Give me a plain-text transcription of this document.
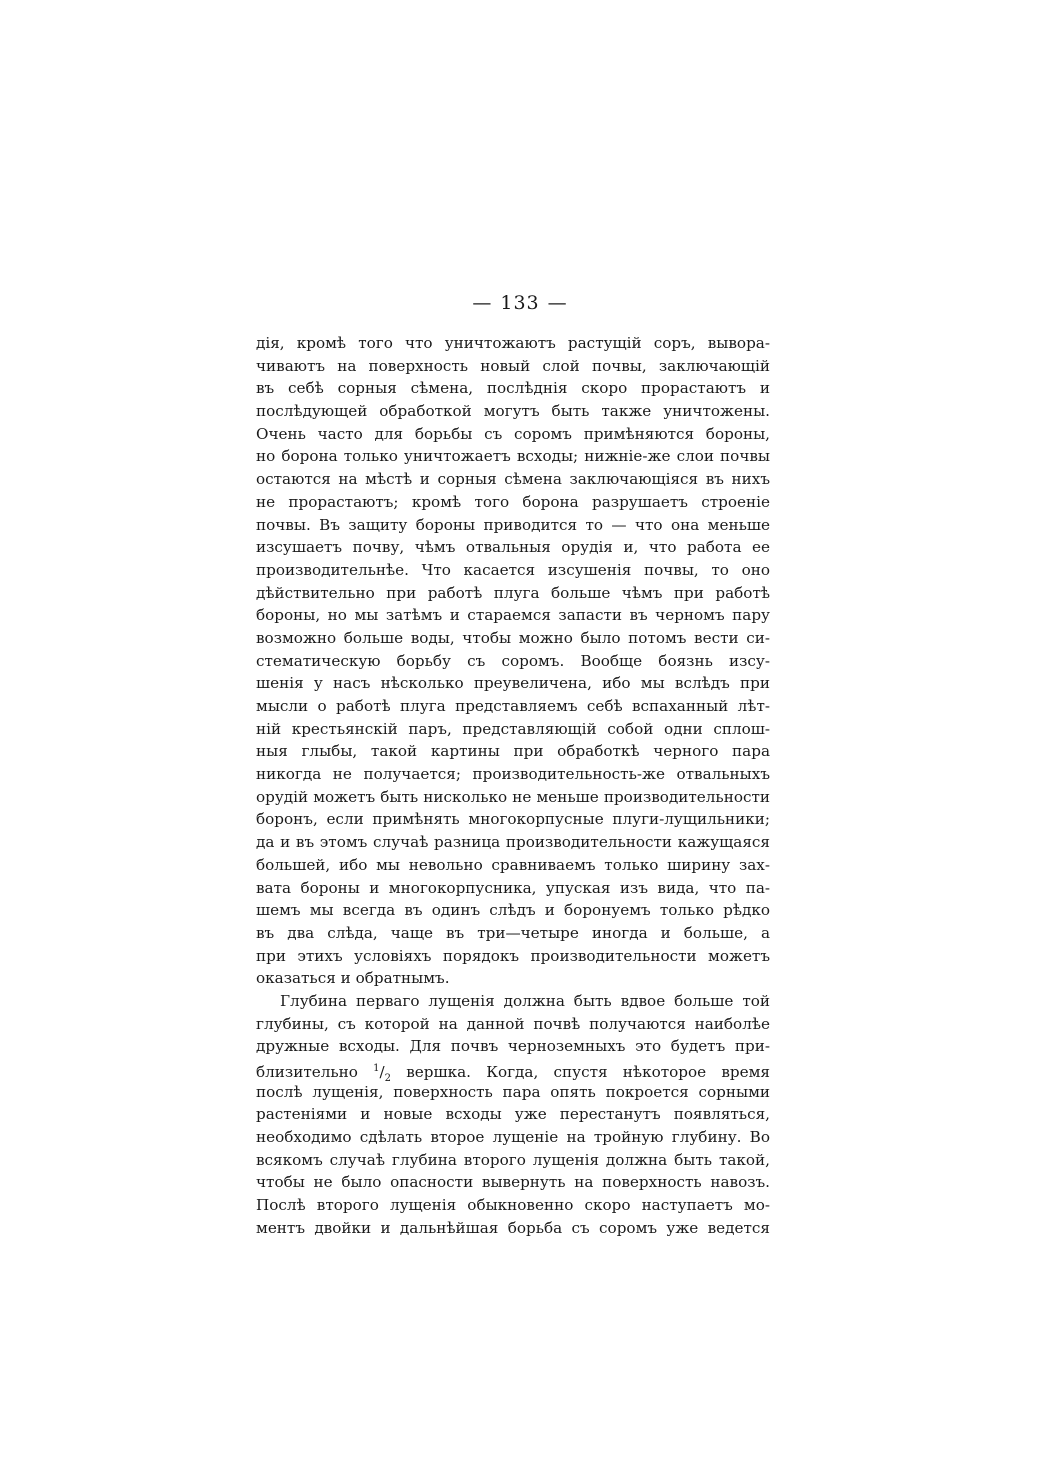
— 133 —
дія, кромѣ того что уничтожаютъ растущій соръ, вывора-
чиваютъ на поверхность новый слой почвы, заключающій
въ себѣ сорныя сѣмена, послѣднія скоро прорастаютъ и
послѣдующей обработкой могутъ быть также уничтожены.
Очень часто для борьбы съ соромъ примѣняются бороны,
но борона только уничтожаетъ всходы; нижніе-же слои почвы
остаются на мѣстѣ и сорныя сѣмена заключающіяся въ нихъ
не прорастаютъ; кромѣ того борона разрушаетъ строеніе
почвы. Въ защиту бороны приводится то — что она меньше
изсушаетъ почву, чѣмъ отвальныя орудія и, что работа ее
производительнѣе. Что касается изсушенія почвы, то оно
дѣйствительно при работѣ плуга больше чѣмъ при работѣ
бороны, но мы затѣмъ и стараемся запасти въ черномъ пару
возможно больше воды, чтобы можно было потомъ вести си-
стематическую борьбу съ соромъ. Вообще боязнь изсу-
шенія у насъ нѣсколько преувеличена, ибо мы вслѣдъ при
мысли о работѣ плуга представляемъ себѣ вспаханный лѣт-
ній крестьянскій паръ, представляющій собой одни сплош-
ныя глыбы, такой картины при обработкѣ черного пара
никогда не получается; производительность-же отвальныхъ
орудій можетъ быть нисколько не меньше производительности
боронъ, если примѣнять многокорпусные плуги-лущильники;
да и въ этомъ случаѣ разница производительности кажущаяся
большей, ибо мы невольно сравниваемъ только ширину зах-
вата бороны и многокорпусника, упуская изъ вида, что па-
шемъ мы всегда въ одинъ слѣдъ и боронуемъ только рѣдко
въ два слѣда, чаще въ три—четыре иногда и больше, а
при этихъ условіяхъ порядокъ производительности можетъ
оказаться и обратнымъ.
Глубина перваго лущенія должна быть вдвое больше той
глубины, съ которой на данной почвѣ получаются наиболѣе
дружные всходы. Для почвъ черноземныхъ это будетъ при-
близительно $^1/_2$ вершка. Когда, спустя нѣкоторое время
послѣ лущенія, поверхность пара опять покроется сорными
растеніями и новые всходы уже перестанутъ появляться,
необходимо сдѣлать второе лущеніе на тройную глубину. Во
всякомъ случаѣ глубина второго лущенія должна быть такой,
чтобы не было опасности вывернуть на поверхность навозъ.
Послѣ второго лущенія обыкновенно скоро наступаетъ мо-
ментъ двойки и дальнѣйшая борьба съ соромъ уже ведется
